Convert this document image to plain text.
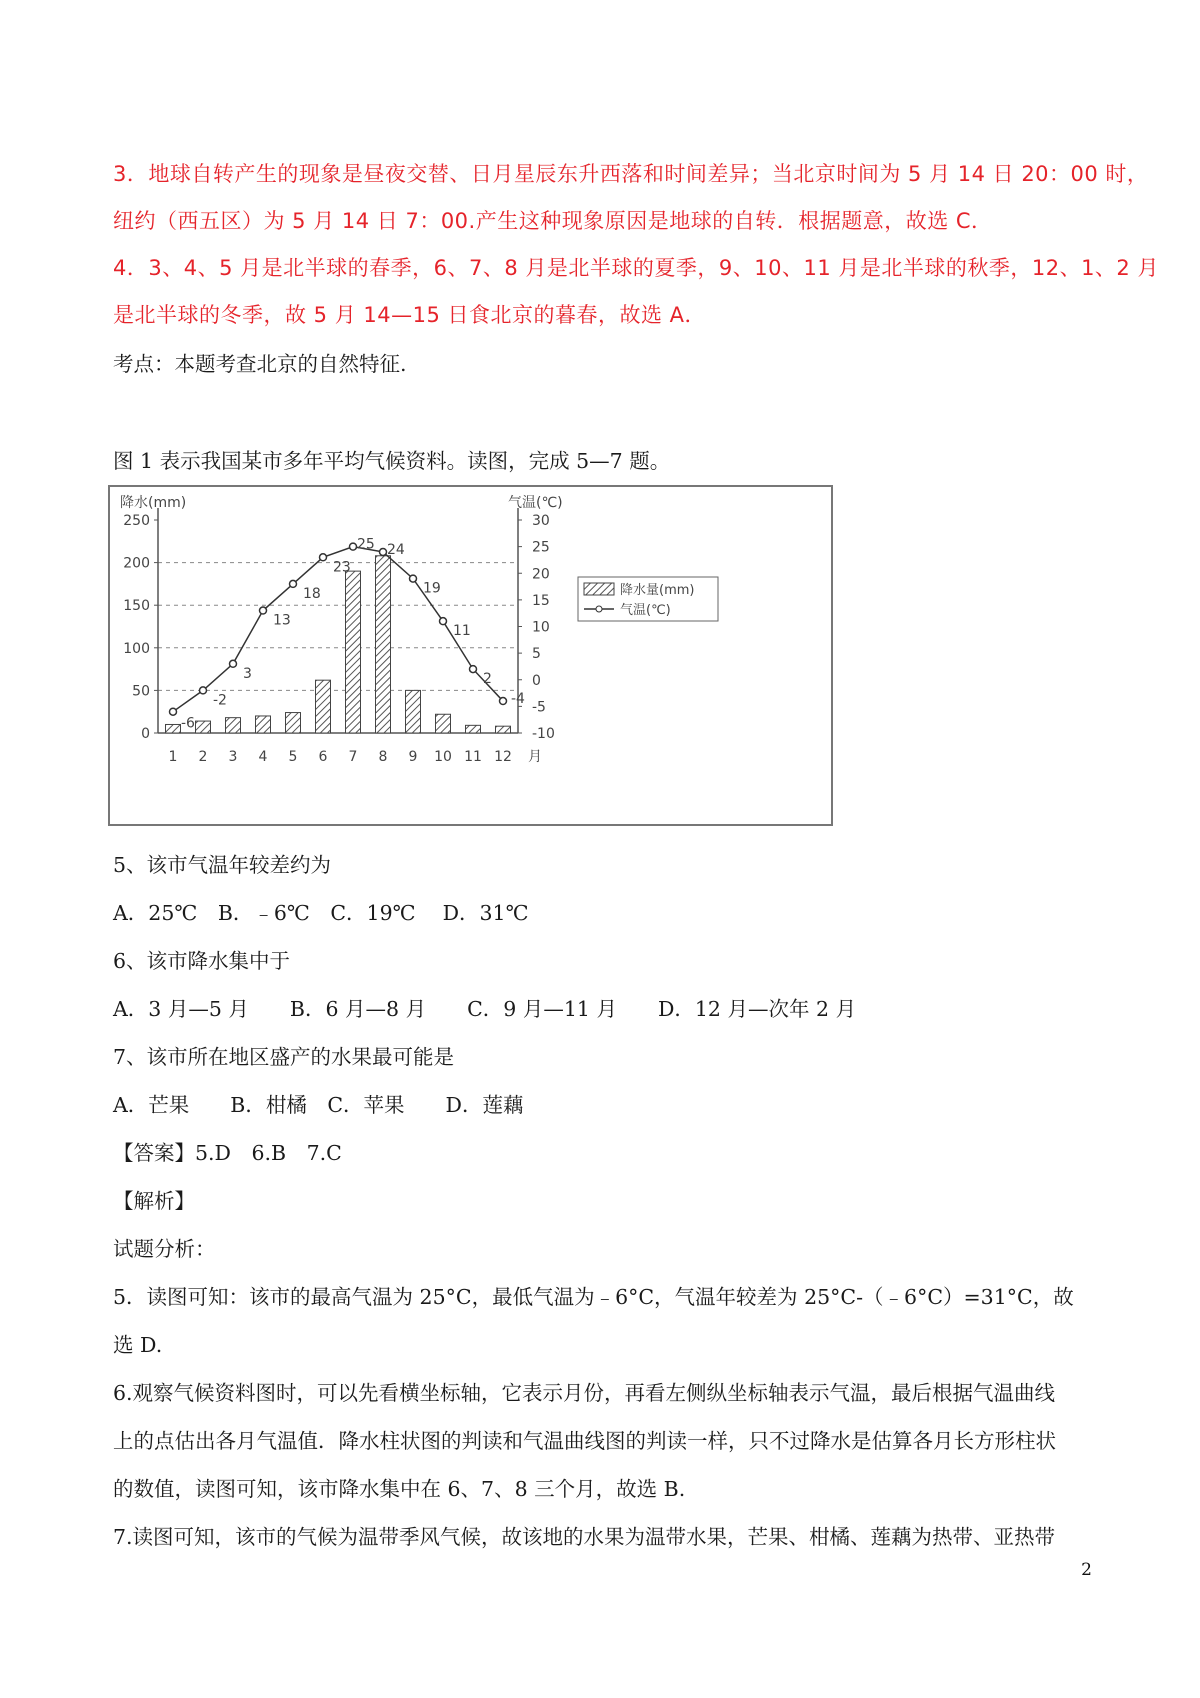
3．地球自转产生的现象是昼夜交替、日月星辰东升西落和时间差异；当北京时间为 5 月 14 日 20：00 时，
纽约（西五区）为 5 月 14 日 7：00.产生这种现象原因是地球的自转．根据题意，故选 C．
4．3、4、5 月是北半球的春季，6、7、8 月是北半球的夏季，9、10、11 月是北半球的秋季，12、1、2 月
是北半球的冬季，故 5 月 14—15 日食北京的暮春，故选 A．
考点：本题考查北京的自然特征.
图 1 表示我国某市多年平均气候资料。读图，完成 5—7 题。
0
50
100
150
200
250
-10
-5
0
5
10
15
20
25
30
降水(mm)	气温(℃)
1 2 3 4 5 6 7 8 9 10 11 12 月
-6
-2
3
13
18
23
25 24
19
11
2
-4
降水量(mm)
气温(℃)
5、该市气温年较差约为
A．25℃　B．﹣6℃　C．19℃　 D．31℃
6、该市降水集中于
A．3 月—5 月　　B．6 月—8 月　　C．9 月—11 月　　D．12 月—次年 2 月
7、该市所在地区盛产的水果最可能是
A．芒果　　B．柑橘　C．苹果　　D．莲藕
【答案】5.D　6.B　7.C
【解析】
试题分析：
5．读图可知：该市的最高气温为 25°C，最低气温为﹣6°C，气温年较差为 25°C-（﹣6°C）=31°C，故
选 D.
6.观察气候资料图时，可以先看横坐标轴，它表示月份，再看左侧纵坐标轴表示气温，最后根据气温曲线
上的点估出各月气温值．降水柱状图的判读和气温曲线图的判读一样，只不过降水是估算各月长方形柱状
的数值，读图可知，该市降水集中在 6、7、8 三个月，故选 B.
7.读图可知，该市的气候为温带季风气候，故该地的水果为温带水果，芒果、柑橘、莲藕为热带、亚热带
2
